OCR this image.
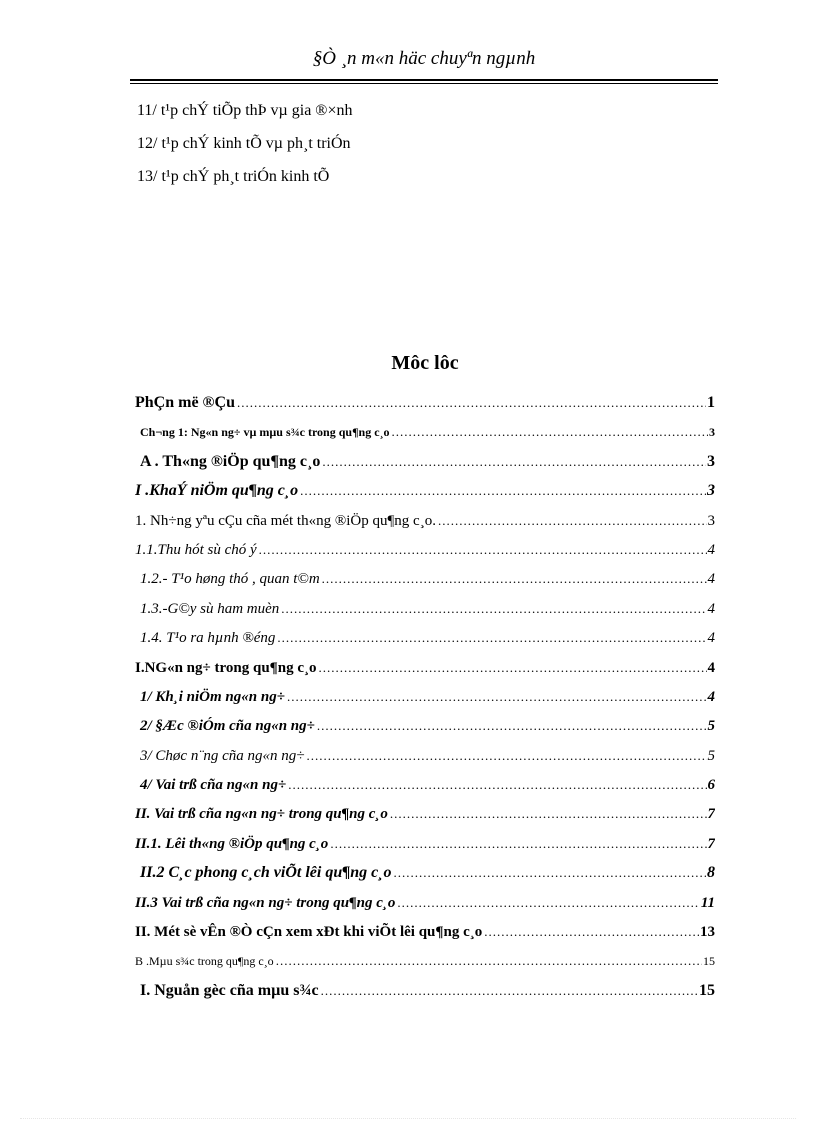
§Ò ¸n m«n häc chuyªn ngµnh
11/ t¹p chÝ tiÕp thÞ vµ gia ®×nh
12/ t¹p chÝ kinh tÕ vµ ph¸t triÓn
13/ t¹p chÝ ph¸t triÓn kinh tÕ
Môc lôc
PhÇn më ®Çu .....	1
Ch¬ng 1: Ng«n ng÷ vµ mµu s¾c trong qu¶ng c¸o .....	3
A . Th«ng ®iÖp qu¶ng c¸o .....	3
I .KhaÝ niÖm qu¶ng c¸o .....	3
1. Nh÷ng yªu cÇu cña mét th«ng ®iÖp qu¶ng c¸o. .....	3
1.1.Thu hót sù chó ý .....	4
1.2.- T¹o høng thó , quan t©m .....	4
1.3.-G©y sù ham muèn .....	4
1.4. T¹o ra hµnh ®éng .....	4
I.NG«n ng÷ trong qu¶ng c¸o .....	4
1/ Kh¸i niÖm ng«n ng÷ .....	4
2/ §Æc ®iÓm cña ng«n ng÷ .....	5
3/ Chøc n¨ng cña ng«n ng÷ .....	5
4/ Vai trß cña ng«n ng÷ .....	6
II. Vai trß cña ng«n ng÷ trong qu¶ng c¸o .....	7
II.1. Lêi th«ng ®iÖp qu¶ng c¸o .....	7
II.2 C¸c phong c¸ch viÕt lêi qu¶ng c¸o .....	8
II.3 Vai trß cña ng«n ng÷ trong qu¶ng c¸o .....	11
II. Mét sè vÊn ®Ò cÇn xem xÐt khi viÕt lêi qu¶ng c¸o .....	13
B .Mµu s¾c trong qu¶ng c¸o .....	15
I. Nguån gèc cña mµu s¾c .....	15
